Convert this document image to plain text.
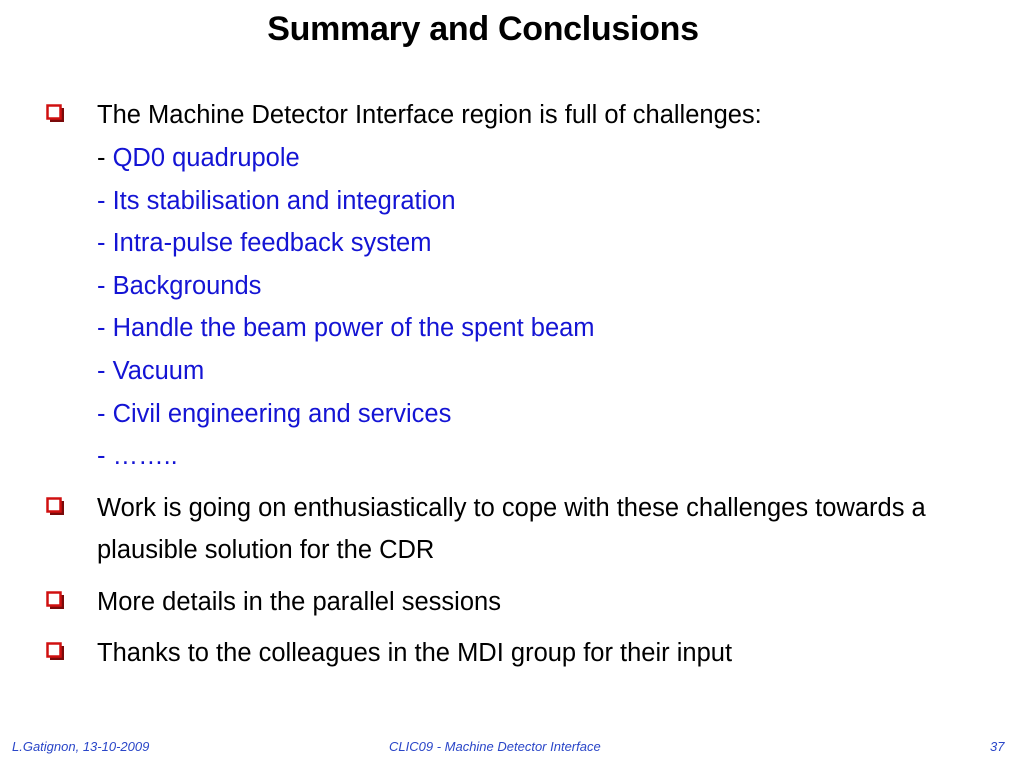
Summary and Conclusions
The Machine Detector Interface region is full of challenges:
- QD0 quadrupole
- Its stabilisation and integration
- Intra-pulse feedback system
- Backgrounds
- Handle the beam power of the spent beam
- Vacuum
- Civil engineering and services
- ……..
Work is going on enthusiastically to cope with these challenges towards a plausible solution for the CDR
More details in the parallel sessions
Thanks to the colleagues in the MDI group for their input
L.Gatignon, 13-10-2009	CLIC09 - Machine Detector Interface	37
